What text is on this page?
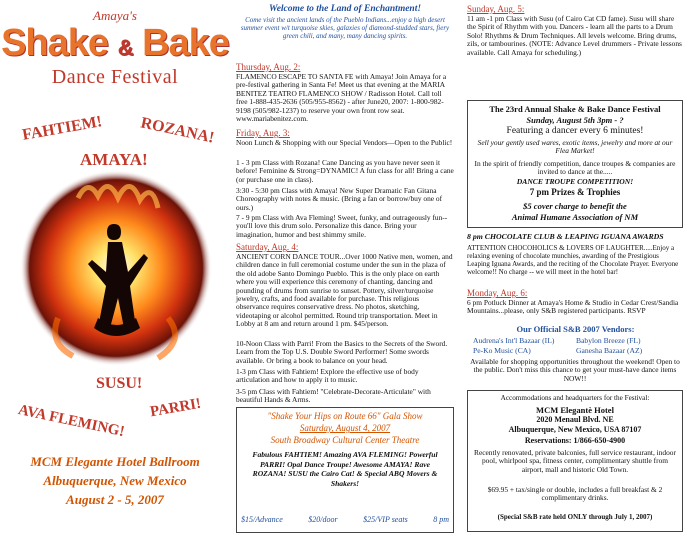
Amaya's
Shake & Bake
Dance Festival
FAHTIEM! ROZANA!
AMAYA!
SUSU!
AVA FLEMING! PARRI!
MCM Elegante Hotel Ballroom
Albuquerque, New Mexico
August 2 - 5, 2007
Welcome to the Land of Enchantment!

Come visit the ancient lands of the Pueblo Indians...enjoy a high desert summer event w/t turquoise skies, galaxies of diamond-studded stars, fiery green chili, and many, many dancing spirits.

Thursday, Aug. 2:

FLAMENCO ESCAPE TO SANTA FE with Amaya! Join Amaya for a pre-festival gathering in Santa Fe! Meet us that evening at the MARIA BENITEZ TEATRO FLAMENCO SHOW / Radisson Hotel. Call toll free 1-888-435-2636 (505/955-8562) - after June20, 2007: 1-800-982-9198 (505/982-1237) to reserve your own front row seat. www.mariabenitez.com.

Friday, Aug. 3:

Noon Lunch & Shopping with our Special Vendors—Open to the Public!

1 - 3 pm Class with Rozana! Cane Dancing as you have never seen it before! Feminine & Strong=DYNAMIC! A fun class for all! Bring a cane (or purchase one in class).

3:30 - 5:30 pm Class with Amaya! New Super Dramatic Fan Gitana Choreography with notes & music. (Bring a fan or borrow/buy one of ours.)

7 - 9 pm Class with Ava Fleming! Sweet, funky, and outrageously fun--you'll love this drum solo. Personalize this dance. Bring your imagination, humor and best shimmy smile.

Saturday, Aug. 4:

ANCIENT CORN DANCE TOUR...Over 1000 Native men, women, and children dance in full ceremonial costume under the sun in the plaza of the old adobe Santo Domingo Pueblo. This is the only place on earth where you will experience this ceremony of chanting, dancing and pounding of drums from sunrise to sunset. Pottery, silver/turquoise jewelry, crafts, and food available for purchase. This religious observance requires conservative dress. No photos, sketching, videotaping or alcohol permitted. Round trip transportation. Meet in Lobby at 8 am and return around 1 pm. $45/person.

10-Noon Class with Parri! From the Basics to the Secrets of the Sword. Learn from the Top U.S. Double Sword Performer! Some swords available. Or bring a book to balance on your head.

1-3 pm Class with Fahtiem! Explore the effective use of body articulation and how to apply it to music.

3-5 pm Class with Fahtiem! "Celebrate-Decorate-Articulate" with beautiful Hands & Arms.

"Shake Your Hips on Route 66" Gala Show
Saturday, August 4, 2007
South Broadway Cultural Center Theatre

Fabulous FAHTIEM! Amazing AVA FLEMING! Powerful PARRI! Opal Dance Troupe! Awesome AMAYA! Rave ROZANA! SUSU the Cairo Cat! & Special ABQ Movers & Shakers!

$15/Advance	$20/door	$25/VIP seats	8 pm
Sunday, Aug. 5:

11 am -1 pm Class with Susu (of Cairo Cat CD fame). Susu will share the Spirit of Rhythm with you. Dancers - learn all the parts to a Drum Solo! Rhythms & Drum Techniques. All levels welcome. Bring drums, zils, or tambourines. (NOTE: Advance Level drummers - Private lessons available. Call Amaya for scheduling.)

The 23rd Annual Shake & Bake Dance Festival
Sunday, August 5th 3pm - ?
Featuring a dancer every 6 minutes!

Sell your gently used wares, exotic items, jewelry and more at our Flea Market!

In the spirit of friendly competition, dance troupes & companies are invited to dance at the.....

DANCE TROUPE COMPETITION!
7 pm Prizes & Trophies
$5 cover charge to benefit the
Animal Humane Association of NM
8 pm CHOCOLATE CLUB & LEAPING IGUANA AWARDS

ATTENTION CHOCOHOLICS & LOVERS OF LAUGHTER.....Enjoy a relaxing evening of chocolate munchies, awarding of the Prestigious Leaping Iguana Awards, and the reciting of the Chocolate Prayer. Everyone welcome!! No charge -- we will meet in the hotel bar!

Monday, Aug. 6:

6 pm Potluck Dinner at Amaya's Home & Studio in Cedar Crest/Sandia Mountains...please, only S&B registered participants. RSVP

Our Official S&B 2007 Vendors:
Audrena's Int'l Bazaar (IL)	Babylon Breeze (FL)
Pe-Ko Music (CA)	Ganesha Bazaar (AZ)

Available for shopping opportunities throughout the weekend! Open to the public. Don't miss this chance to get your must-have dance items NOW!!

Accommodations and headquarters for the Festival:
MCM Elegantè Hotel
2020 Menaul Blvd. NE
Albuquerque, New Mexico, USA 87107
Reservations: 1/866-650-4900

Recently renovated, private balconies, full service restaurant, indoor pool, whirlpool spa, fitness center, complimentary shuttle from airport, mall and historic Old Town.

$69.95 + tax/single or double, includes a full breakfast & 2 complimentary drinks.

(Special S&B rate held ONLY through July 1, 2007)
